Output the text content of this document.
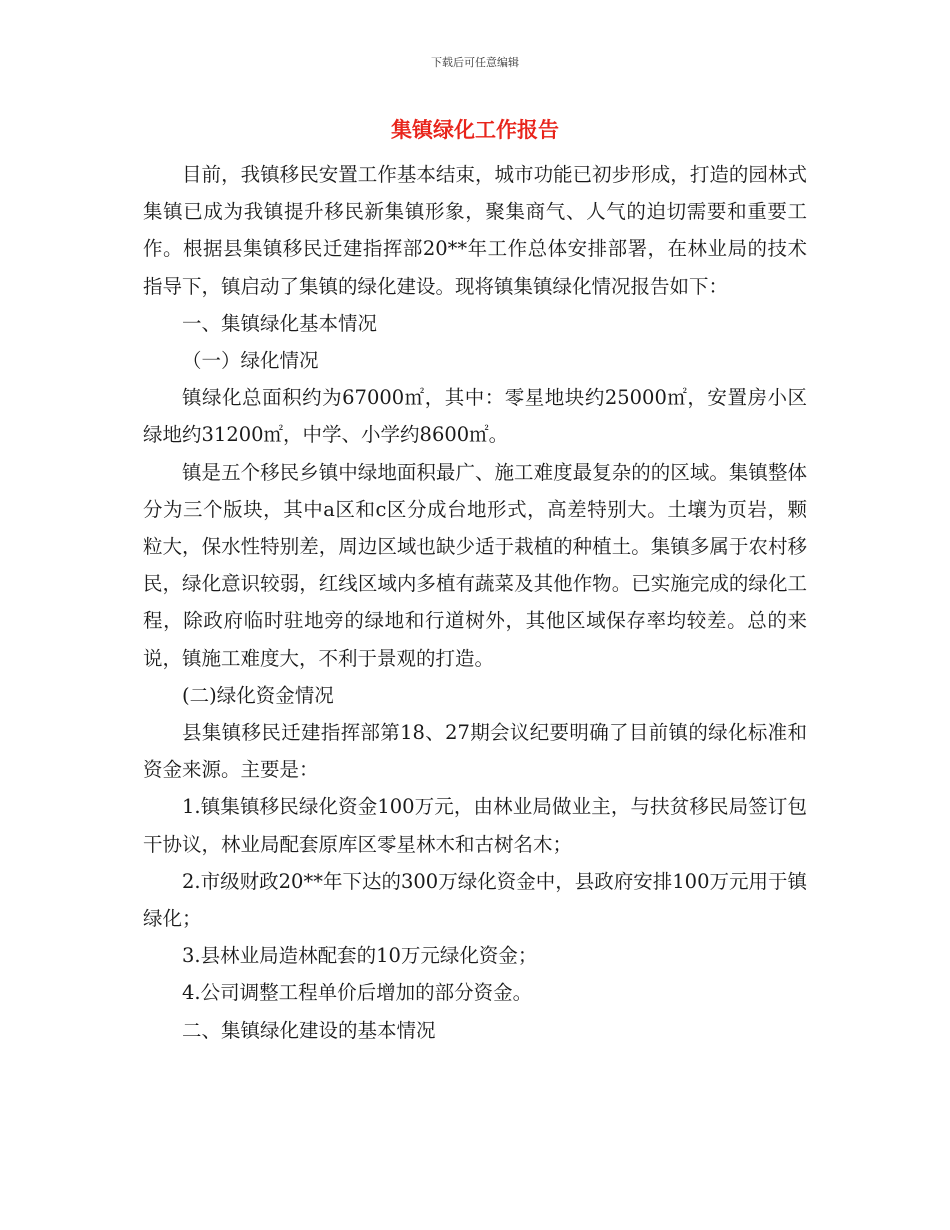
下载后可任意编辑
集镇绿化工作报告

目前，我镇移民安置工作基本结束，城市功能已初步形成，打造的园林式集镇已成为我镇提升移民新集镇形象，聚集商气、人气的迫切需要和重要工作。根据县集镇移民迁建指挥部20**年工作总体安排部署，在林业局的技术指导下，镇启动了集镇的绿化建设。现将镇集镇绿化情况报告如下：

一、集镇绿化基本情况

（一）绿化情况

镇绿化总面积约为67000㎡，其中：零星地块约25000㎡，安置房小区绿地约31200㎡，中学、小学约8600㎡。

镇是五个移民乡镇中绿地面积最广、施工难度最复杂的的区域。集镇整体分为三个版块，其中a区和c区分成台地形式，高差特别大。土壤为页岩，颗粒大，保水性特别差，周边区域也缺少适于栽植的种植土。集镇多属于农村移民，绿化意识较弱，红线区域内多植有蔬菜及其他作物。已实施完成的绿化工程，除政府临时驻地旁的绿地和行道树外，其他区域保存率均较差。总的来说，镇施工难度大，不利于景观的打造。

(二)绿化资金情况

县集镇移民迁建指挥部第18、27期会议纪要明确了目前镇的绿化标准和资金来源。主要是：

1.镇集镇移民绿化资金100万元，由林业局做业主，与扶贫移民局签订包干协议，林业局配套原库区零星林木和古树名木；

2.市级财政20**年下达的300万绿化资金中，县政府安排100万元用于镇绿化；

3.县林业局造林配套的10万元绿化资金；

4.公司调整工程单价后增加的部分资金。

二、集镇绿化建设的基本情况
